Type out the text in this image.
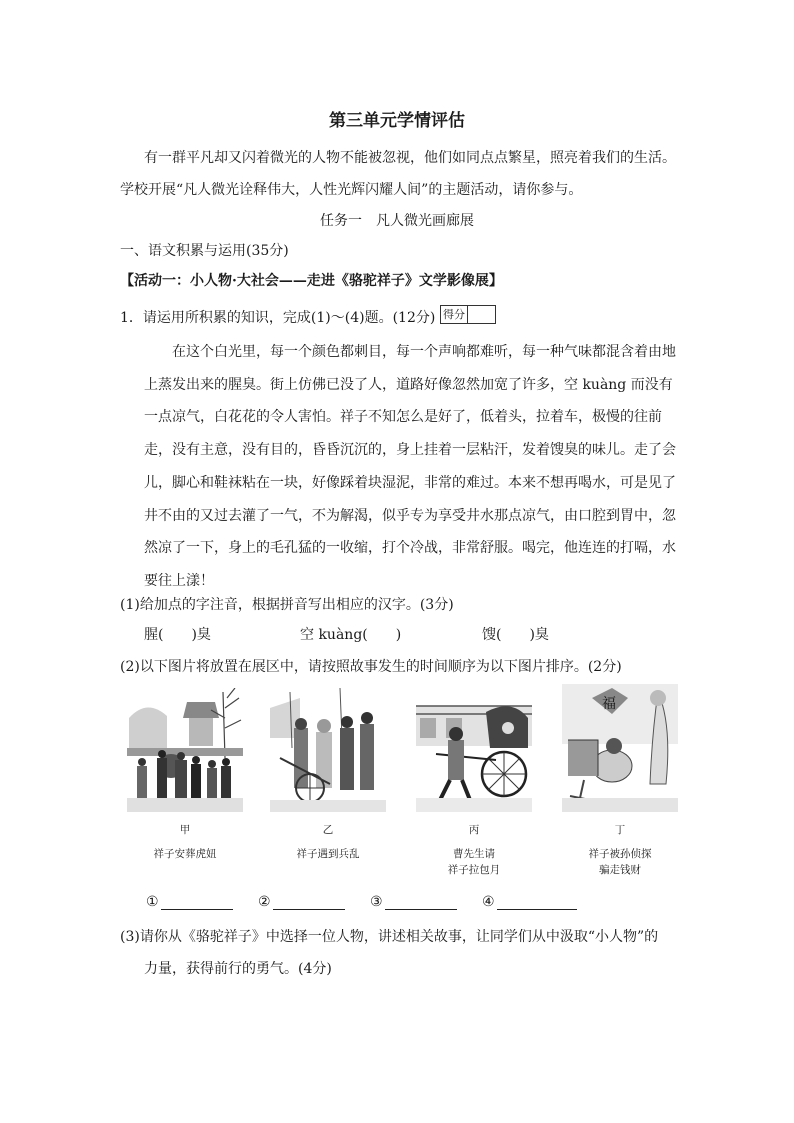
第三单元学情评估
有一群平凡却又闪着微光的人物不能被忽视，他们如同点点繁星，照亮着我们的生活。
学校开展“凡人微光诠释伟大，人性光辉闪耀人间”的主题活动，请你参与。
任务一　凡人微光画廊展
一、语文积累与运用(35分)
【活动一：小人物·大社会——走进《骆驼祥子》文学影像展】
1．请运用所积累的知识，完成(1)～(4)题。(12分) 得分

在这个白光里，每一个颜色都刺目，每一个声响都难听，每一种气味都混含着由地上蒸发出来的腥臭。街上仿佛已没了人，道路好像忽然加宽了许多，空 kuàng 而没有一点凉气，白花花的令人害怕。祥子不知怎么是好了，低着头，拉着车，极慢的往前走，没有主意，没有目的，昏昏沉沉的，身上挂着一层粘汗，发着馊臭的味儿。走了会儿，脚心和鞋袜粘在一块，好像踩着块湿泥，非常的难过。本来不想再喝水，可是见了井不由的又过去灌了一气，不为解渴，似乎专为享受井水那点凉气，由口腔到胃中，忽然凉了一下，身上的毛孔猛的一收缩，打个冷战，非常舒服。喝完，他连连的打嗝，水要往上漾！

(1)给加点的字注音，根据拼音写出相应的汉字。(3分)
腥(　　)臭	空 kuàng(　　)	馊(　　)臭
(2)以下图片将放置在展区中，请按照故事发生的时间顺序为以下图片排序。(2分)
福
甲
祥子安葬虎妞
乙
祥子遇到兵乱
丙
曹先生请
祥子拉包月
丁
祥子被孙侦探
骗走钱财
①	②	③	④
(3)请你从《骆驼祥子》中选择一位人物，讲述相关故事，让同学们从中汲取“小人物”的
力量，获得前行的勇气。(4分)
